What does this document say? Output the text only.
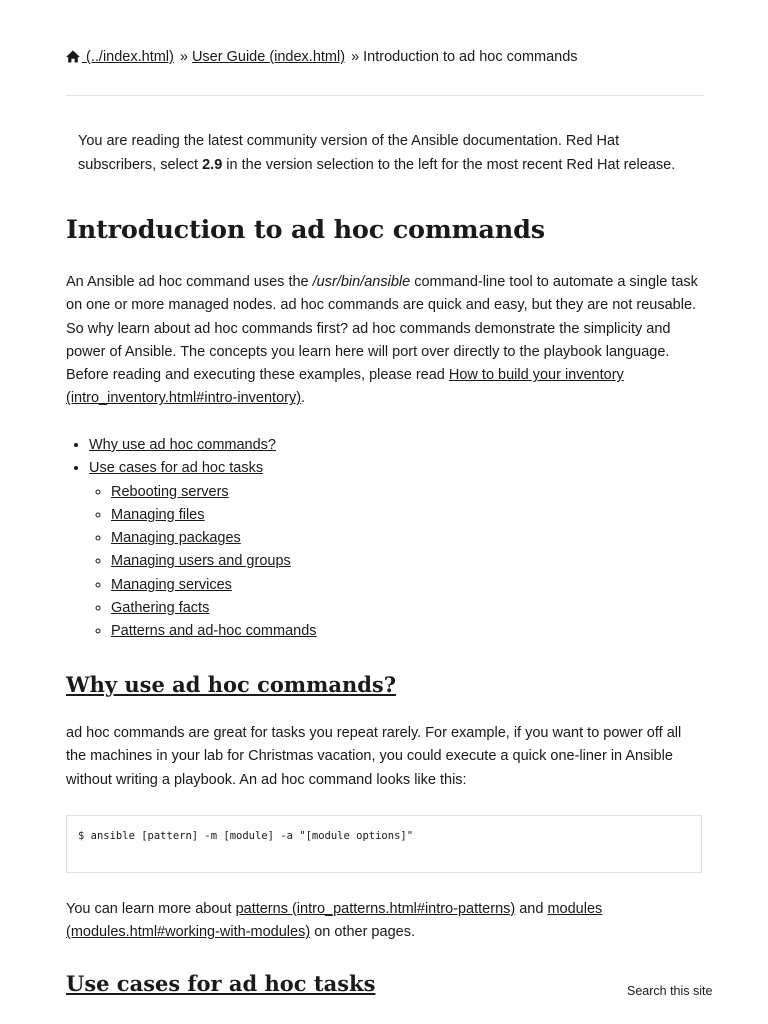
(../index.html) » User Guide (index.html) » Introduction to ad hoc commands

You are reading the latest community version of the Ansible documentation. Red Hat subscribers, select 2.9 in the version selection to the left for the most recent Red Hat release.

Introduction to ad hoc commands

An Ansible ad hoc command uses the /usr/bin/ansible command-line tool to automate a single task on one or more managed nodes. ad hoc commands are quick and easy, but they are not reusable. So why learn about ad hoc commands first? ad hoc commands demonstrate the simplicity and power of Ansible. The concepts you learn here will port over directly to the playbook language. Before reading and executing these examples, please read How to build your inventory (intro_inventory.html#intro-inventory).

• Why use ad hoc commands?
• Use cases for ad hoc tasks
◦ Rebooting servers
◦ Managing files
◦ Managing packages
◦ Managing users and groups
◦ Managing services
◦ Gathering facts
◦ Patterns and ad-hoc commands
Why use ad hoc commands?

ad hoc commands are great for tasks you repeat rarely. For example, if you want to power off all the machines in your lab for Christmas vacation, you could execute a quick one-liner in Ansible without writing a playbook. An ad hoc command looks like this:

$ ansible [pattern] -m [module] -a "[module options]"

You can learn more about patterns (intro_patterns.html#intro-patterns) and modules (modules.html#working-with-modules) on other pages.

Use cases for ad hoc tasks	Search this site
